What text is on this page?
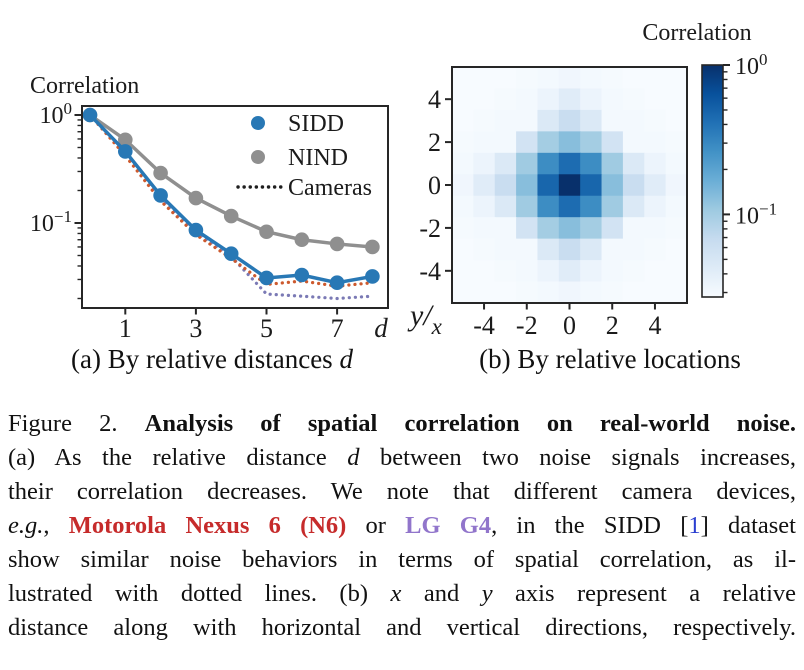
Correlation
$10^0$
$10^{-1}$
1 3 5 7 d
SIDD
NIND
Cameras
4
2
0
-2
-4
-4 -2 0 2 4
$y/_x$
$10^0$
$10^{-1}$
Correlation
(a) By relative distances d	(b) By relative locations
Figure 2. Analysis of spatial correlation on real-world noise.
(a) As the relative distance d between two noise signals increases,
their correlation decreases. We note that different camera devices,
e.g., Motorola Nexus 6 (N6) or LG G4, in the SIDD [1] dataset
show similar noise behaviors in terms of spatial correlation, as il-
lustrated with dotted lines. (b) x and y axis represent a relative
distance along with horizontal and vertical directions, respectively.
